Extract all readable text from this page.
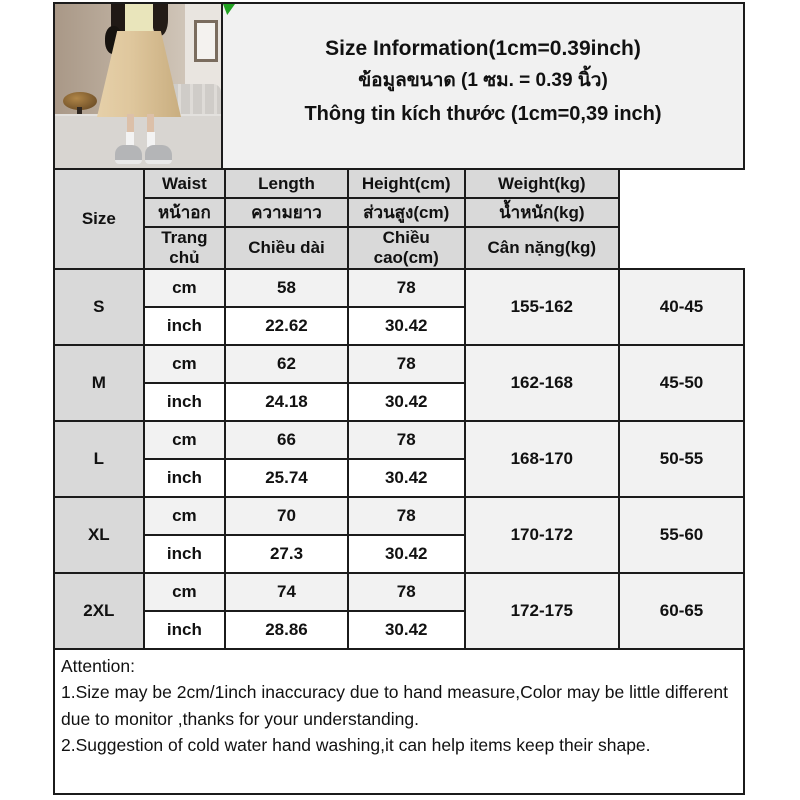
Size Information(1cm=0.39inch)
ข้อมูลขนาด (1 ซม. = 0.39 นิ้ว)
Thông tin kích thước (1cm=0,39 inch)
Size	Waist	Length	Height(cm)	Weight(kg)	
	หน้าอก	ความยาว	ส่วนสูง(cm)	น้ำหนัก(kg)	
	Trang chủ	Chiều dài	Chiều cao(cm)	Cân nặng(kg)	
S	cm	58	78	155-162	40-45
	inch	22.62	30.42		
M	cm	62	78	162-168	45-50
	inch	24.18	30.42		
L	cm	66	78	168-170	50-55
	inch	25.74	30.42		
XL	cm	70	78	170-172	55-60
	inch	27.3	30.42		
2XL	cm	74	78	172-175	60-65
	inch	28.86	30.42		
Attention:
1.Size may be 2cm/1inch inaccuracy due to hand measure,Color may be little different due to monitor ,thanks for your understanding.
2.Suggestion of cold water hand washing,it can help items keep their shape.
